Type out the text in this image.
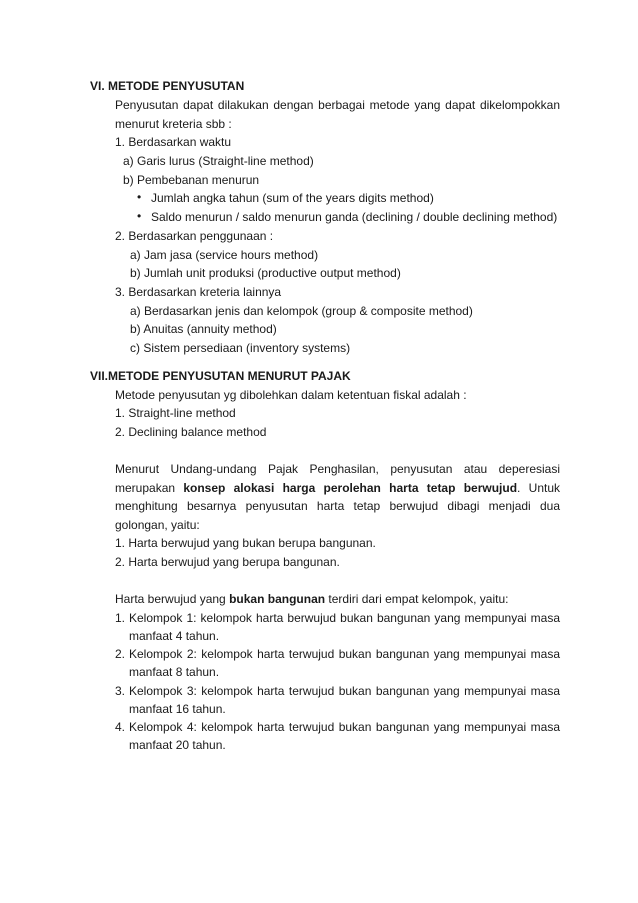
VI. METODE PENYUSUTAN
Penyusutan dapat dilakukan dengan berbagai metode yang dapat dikelompokkan
menurut kreteria sbb :
1. Berdasarkan waktu
a) Garis lurus (Straight-line method)
b) Pembebanan menurun
• Jumlah angka tahun (sum of the years digits method)
• Saldo menurun / saldo menurun ganda (declining / double declining method)
2. Berdasarkan penggunaan :
a) Jam jasa (service hours method)
b) Jumlah unit produksi (productive output method)
3. Berdasarkan kreteria lainnya
a) Berdasarkan jenis dan kelompok (group & composite method)
b) Anuitas (annuity method)
c) Sistem persediaan (inventory systems)
VII.METODE PENYUSUTAN MENURUT PAJAK
Metode penyusutan yg dibolehkan dalam ketentuan fiskal adalah :
1. Straight-line method
2. Declining balance method
Menurut Undang-undang Pajak Penghasilan, penyusutan atau deperesiasi
merupakan konsep alokasi harga perolehan harta tetap berwujud. Untuk
menghitung besarnya penyusutan harta tetap berwujud dibagi menjadi dua
golongan, yaitu:
1. Harta berwujud yang bukan berupa bangunan.
2. Harta berwujud yang berupa bangunan.
Harta berwujud yang bukan bangunan terdiri dari empat kelompok, yaitu:
1. Kelompok 1: kelompok harta berwujud bukan bangunan yang mempunyai masa
manfaat 4 tahun.
2. Kelompok 2: kelompok harta terwujud bukan bangunan yang mempunyai masa
manfaat 8 tahun.
3. Kelompok 3: kelompok harta terwujud bukan bangunan yang mempunyai masa
manfaat 16 tahun.
4. Kelompok 4: kelompok harta terwujud bukan bangunan yang mempunyai masa
manfaat 20 tahun.
